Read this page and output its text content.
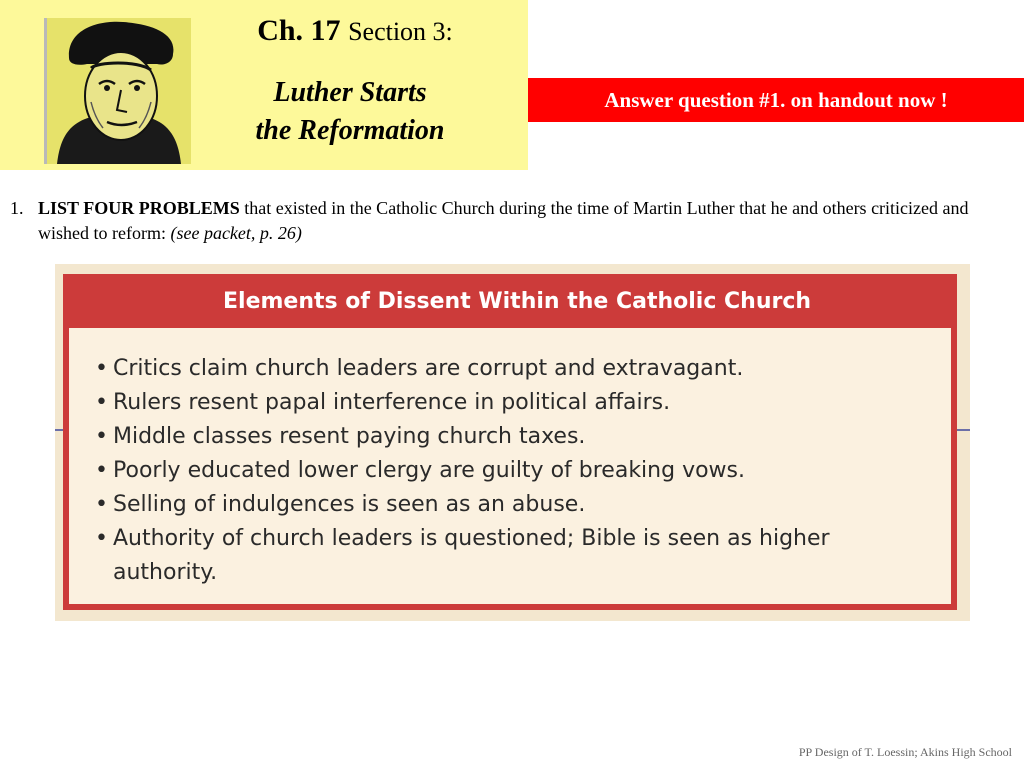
Ch. 17 Section 3:
Luther Starts
the Reformation
Answer question #1. on handout now !
1. LIST FOUR PROBLEMS that existed in the Catholic Church during the time of Martin Luther that he and others criticized and wished to reform: (see packet, p. 26)
Elements of Dissent Within the Catholic Church
• Critics claim church leaders are corrupt and extravagant.
• Rulers resent papal interference in political affairs.
• Middle classes resent paying church taxes.
• Poorly educated lower clergy are guilty of breaking vows.
• Selling of indulgences is seen as an abuse.
• Authority of church leaders is questioned; Bible is seen as higher authority.
PP Design of T. Loessin; Akins High School
